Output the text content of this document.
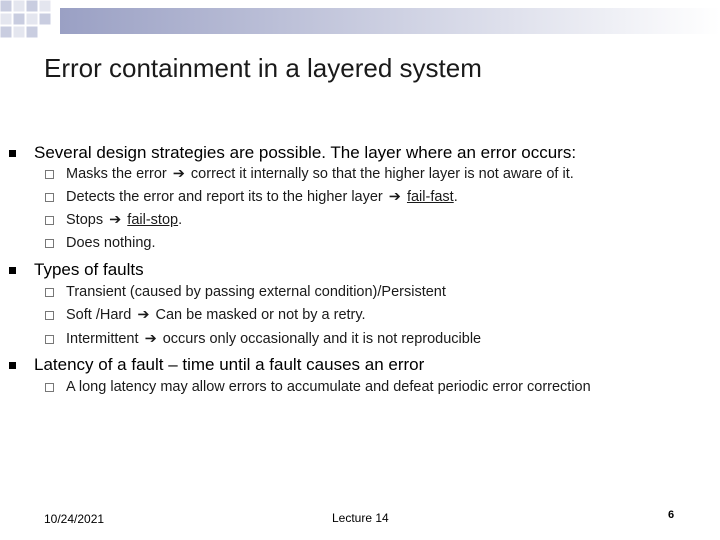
Error containment in a layered system
Several design strategies are possible. The layer where an error occurs:
Masks the error ➔ correct it internally so that the higher layer is not aware of it.
Detects the error and report its to the higher layer ➔ fail-fast.
Stops ➔ fail-stop.
Does nothing.
Types of faults
Transient (caused by passing external condition)/Persistent
Soft /Hard ➔ Can be masked or not by a retry.
Intermittent ➔ occurs only occasionally and it is not reproducible
Latency of a fault – time until a fault causes an error
A long latency may allow errors to accumulate and defeat periodic error correction
10/24/2021	Lecture 14	6
